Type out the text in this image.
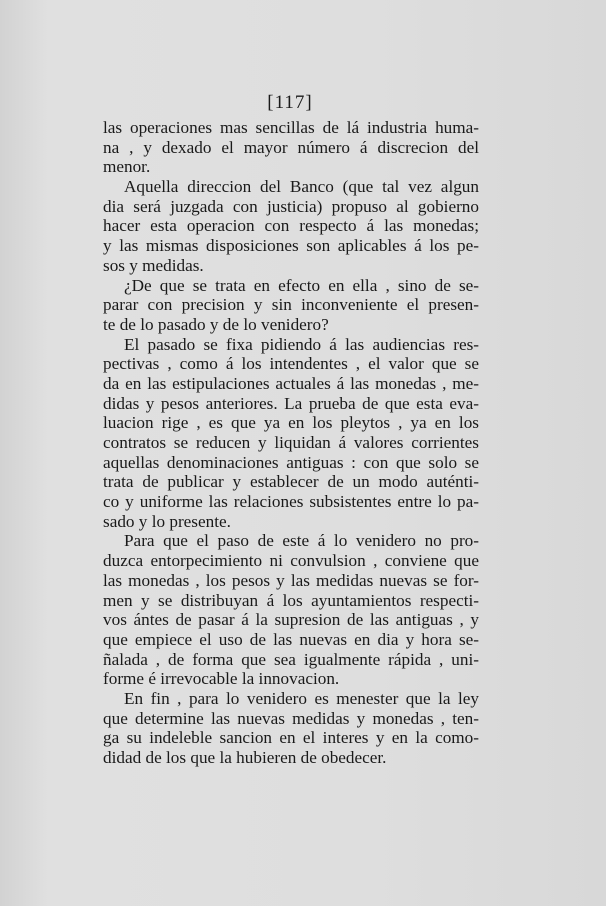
[117]
las operaciones mas sencillas de lá industria huma-
na , y dexado el mayor número á discrecion del
menor.
Aquella direccion del Banco (que tal vez algun
dia será juzgada con justicia) propuso al gobierno
hacer esta operacion con respecto á las monedas;
y las mismas disposiciones son aplicables á los pe-
sos y medidas.
¿De que se trata en efecto en ella , sino de se-
parar con precision y sin inconveniente el presen-
te de lo pasado y de lo venidero?
El pasado se fixa pidiendo á las audiencias res-
pectivas , como á los intendentes , el valor que se
da en las estipulaciones actuales á las monedas , me-
didas y pesos anteriores. La prueba de que esta eva-
luacion rige , es que ya en los pleytos , ya en los
contratos se reducen y liquidan á valores corrientes
aquellas denominaciones antiguas : con que solo se
trata de publicar y establecer de un modo auténti-
co y uniforme las relaciones subsistentes entre lo pa-
sado y lo presente.
Para que el paso de este á lo venidero no pro-
duzca entorpecimiento ni convulsion , conviene que
las monedas , los pesos y las medidas nuevas se for-
men y se distribuyan á los ayuntamientos respecti-
vos ántes de pasar á la supresion de las antiguas , y
que empiece el uso de las nuevas en dia y hora se-
ñalada , de forma que sea igualmente rápida , uni-
forme é irrevocable la innovacion.
En fin , para lo venidero es menester que la ley
que determine las nuevas medidas y monedas , ten-
ga su indeleble sancion en el interes y en la como-
didad de los que la hubieren de obedecer.
